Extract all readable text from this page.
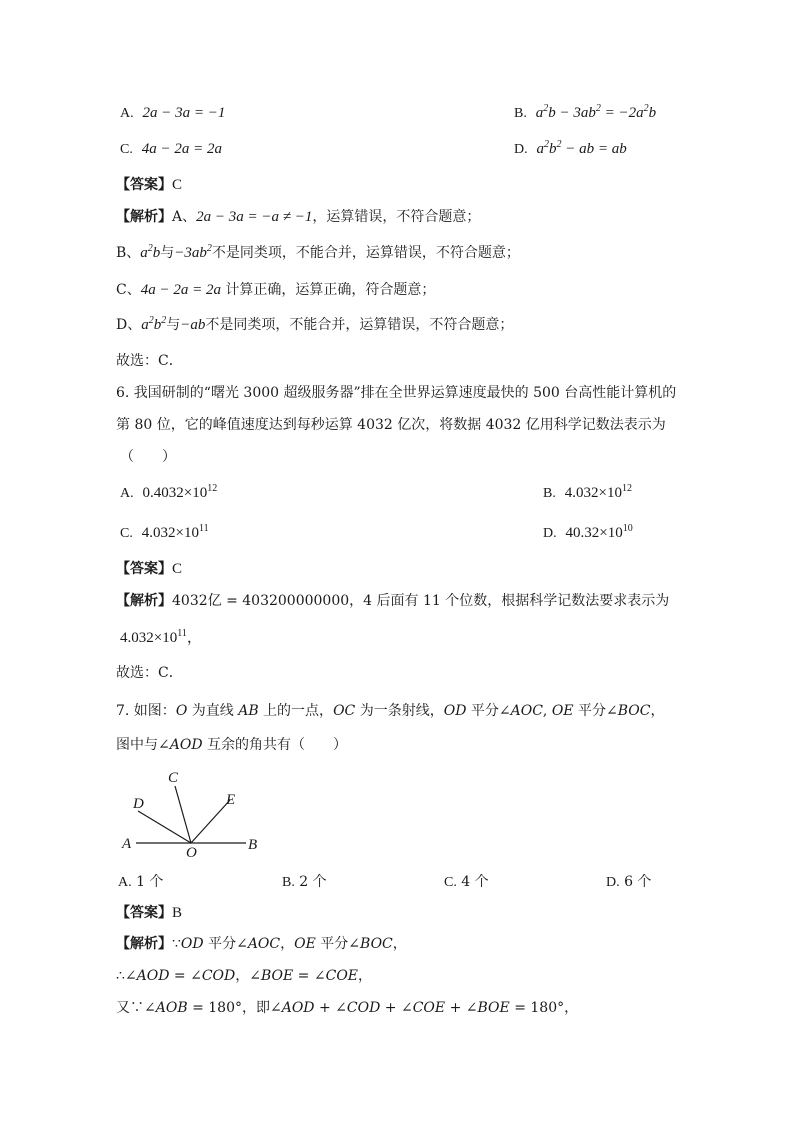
A. 2a − 3a = −1	B. $a^2b - 3ab^2 = -2a^2b$
C. 4a − 2a = 2a	D. $a^2b^2$ − ab = ab
【答案】C
【解析】A、2a − 3a = −a ≠ −1，运算错误，不符合题意；
B、$a^2b$与$-3ab^2$不是同类项，不能合并，运算错误，不符合题意；
C、4a − 2a = 2a 计算正确，运算正确，符合题意；
D、$a^2b^2$与−ab不是同类项，不能合并，运算错误，不符合题意；
故选：C．
6. 我国研制的“曙光 3000 超级服务器”排在全世界运算速度最快的 500 台高性能计算机的
第 80 位，它的峰值速度达到每秒运算 4032 亿次，将数据 4032 亿用科学记数法表示为
（　　）
A. $0.4032\times 10^{12}$	B. $4.032\times 10^{12}$
C. $4.032\times 10^{11}$	D. $40.32\times 10^{10}$
【答案】C
【解析】4032亿 = 403200000000，4 后面有 11 个位数，根据科学记数法要求表示为
$4.032\times 10^{11}$，
故选：C．
7. 如图：O 为直线 AB 上的一点，OC 为一条射线，OD 平分∠AOC, OE 平分∠BOC，
图中与∠AOD 互余的角共有（　　）
A	B
C
D	E
O
A. 1 个	B. 2 个	C. 4 个	D. 6 个
【答案】B
【解析】∵OD 平分∠AOC，OE 平分∠BOC，
∴∠AOD = ∠COD，∠BOE = ∠COE，
又∵∠AOB = 180°，即∠AOD + ∠COD + ∠COE + ∠BOE = 180°，
